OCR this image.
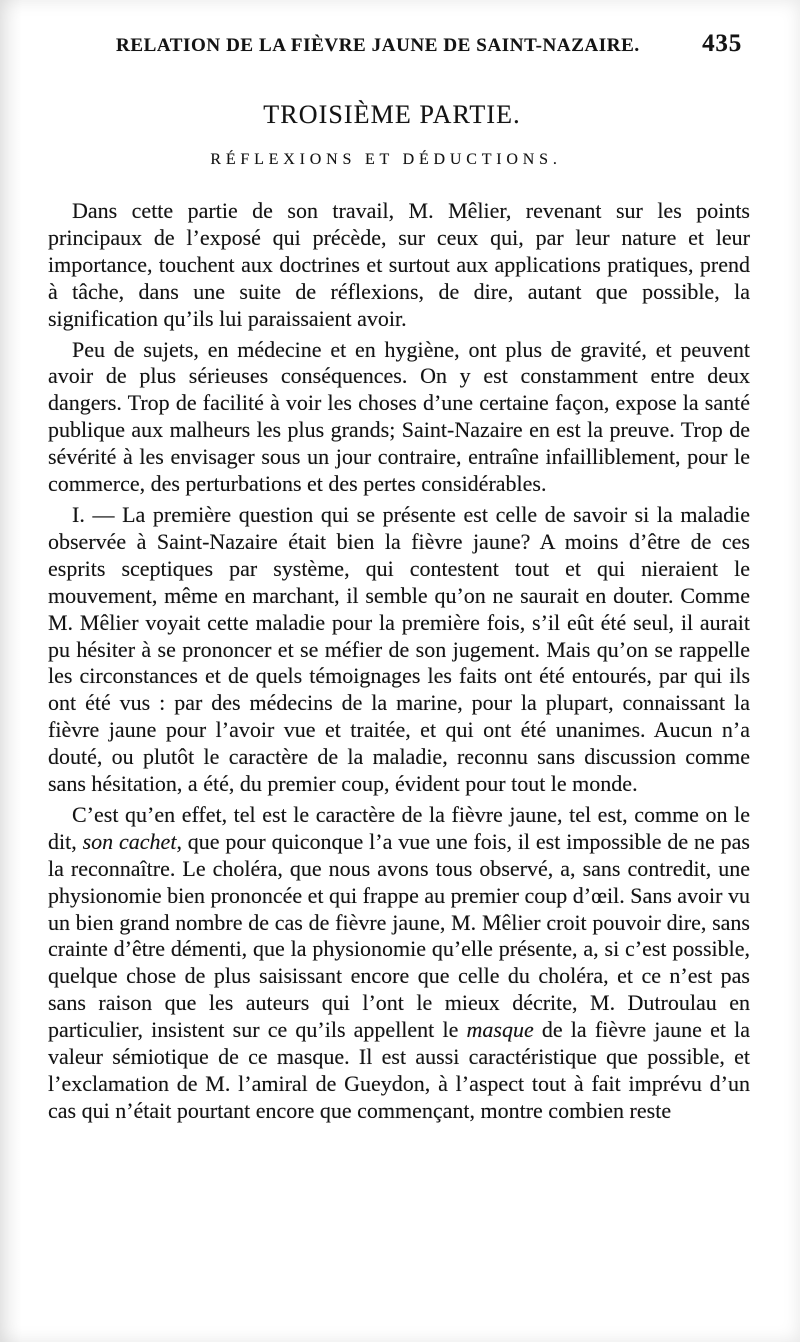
RELATION DE LA FIÈVRE JAUNE DE SAINT-NAZAIRE. 435
TROISIÈME PARTIE.
RÉFLEXIONS ET DÉDUCTIONS.

Dans cette partie de son travail, M. Mêlier, revenant sur les points principaux de l’exposé qui précède, sur ceux qui, par leur nature et leur importance, touchent aux doctrines et surtout aux applications pratiques, prend à tâche, dans une suite de réflexions, de dire, autant que possible, la signification qu’ils lui paraissaient avoir.

Peu de sujets, en médecine et en hygiène, ont plus de gravité, et peuvent avoir de plus sérieuses conséquences. On y est constamment entre deux dangers. Trop de facilité à voir les choses d’une certaine façon, expose la santé publique aux malheurs les plus grands; Saint-Nazaire en est la preuve. Trop de sévérité à les envisager sous un jour contraire, entraîne infailliblement, pour le commerce, des perturbations et des pertes considérables.

I. — La première question qui se présente est celle de savoir si la maladie observée à Saint-Nazaire était bien la fièvre jaune? A moins d’être de ces esprits sceptiques par système, qui contestent tout et qui nieraient le mouvement, même en marchant, il semble qu’on ne saurait en douter. Comme M. Mêlier voyait cette maladie pour la première fois, s’il eût été seul, il aurait pu hésiter à se prononcer et se méfier de son jugement. Mais qu’on se rappelle les circonstances et de quels témoignages les faits ont été entourés, par qui ils ont été vus : par des médecins de la marine, pour la plupart, connaissant la fièvre jaune pour l’avoir vue et traitée, et qui ont été unanimes. Aucun n’a douté, ou plutôt le caractère de la maladie, reconnu sans discussion comme sans hésitation, a été, du premier coup, évident pour tout le monde.

C’est qu’en effet, tel est le caractère de la fièvre jaune, tel est, comme on le dit, son cachet, que pour quiconque l’a vue une fois, il est impossible de ne pas la reconnaître. Le choléra, que nous avons tous observé, a, sans contredit, une physionomie bien prononcée et qui frappe au premier coup d’œil. Sans avoir vu un bien grand nombre de cas de fièvre jaune, M. Mêlier croit pouvoir dire, sans crainte d’être démenti, que la physionomie qu’elle présente, a, si c’est possible, quelque chose de plus saisissant encore que celle du choléra, et ce n’est pas sans raison que les auteurs qui l’ont le mieux décrite, M. Dutroulau en particulier, insistent sur ce qu’ils appellent le masque de la fièvre jaune et la valeur sémiotique de ce masque. Il est aussi caractéristique que possible, et l’exclamation de M. l’amiral de Gueydon, à l’aspect tout à fait imprévu d’un cas qui n’était pourtant encore que commençant, montre combien reste
